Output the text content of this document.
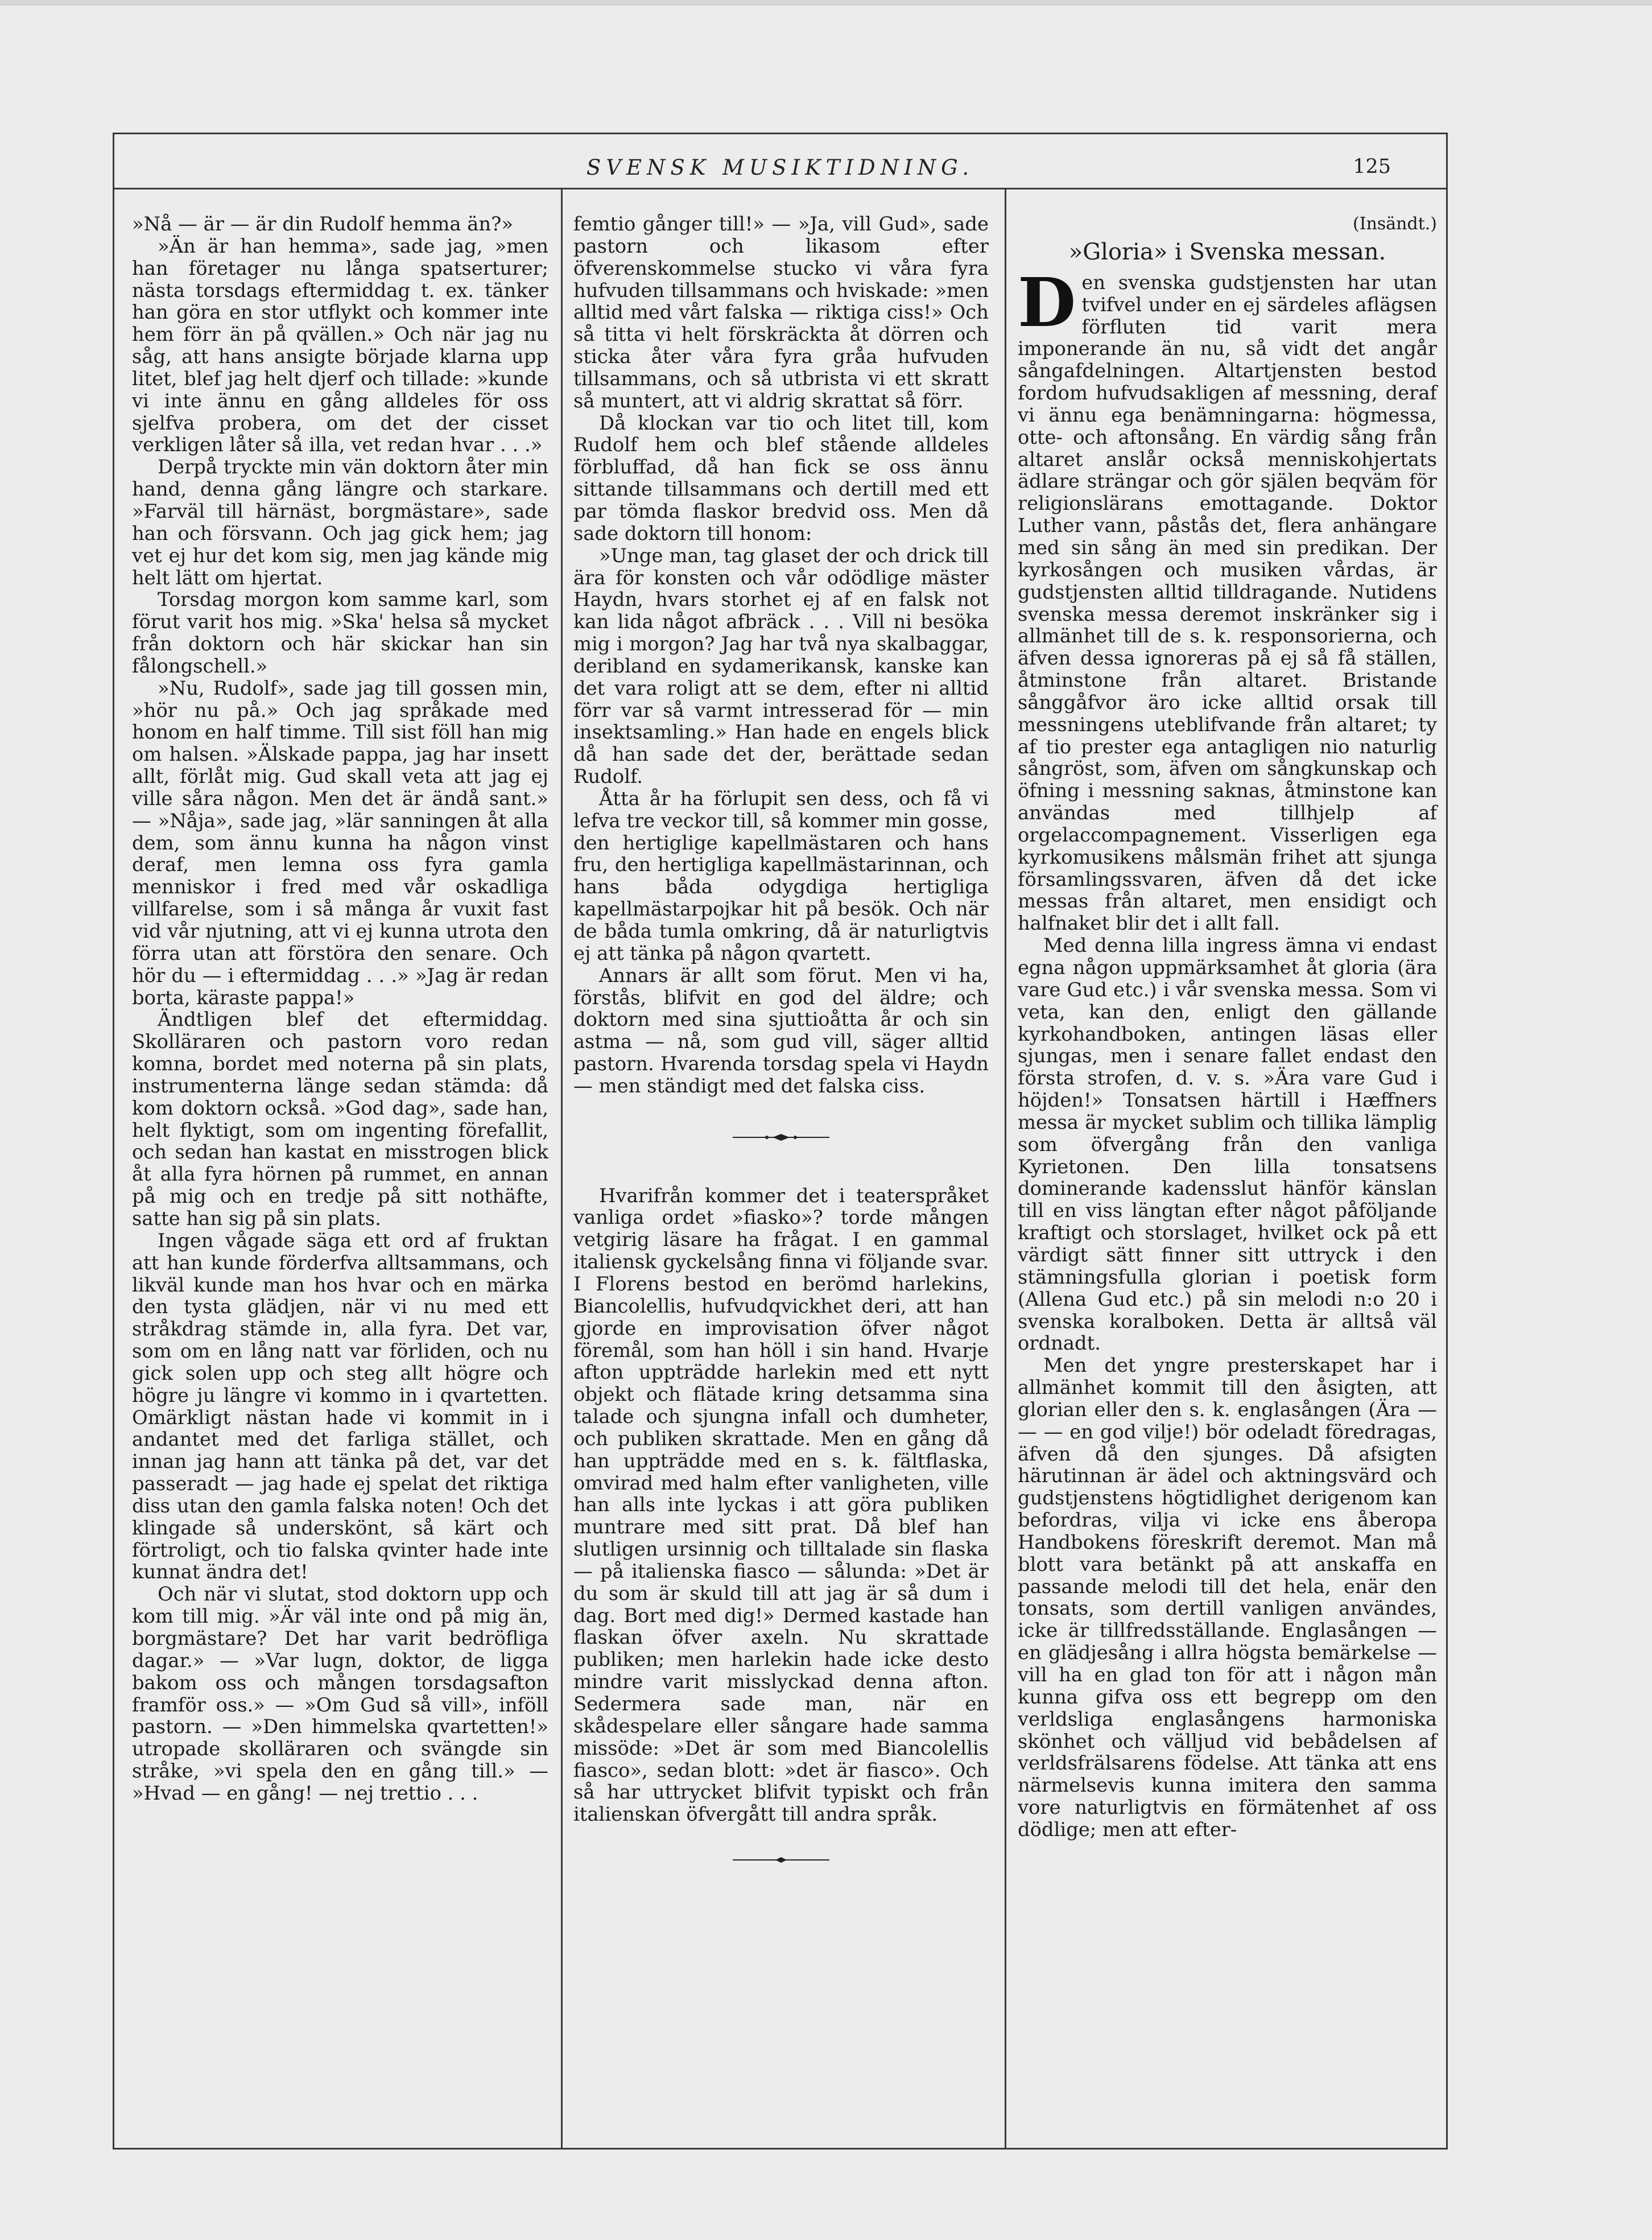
SVENSK MUSIKTIDNING.	125

»Nå — är — är din Rudolf hemma än?»

»Än är han hemma», sade jag, »men han företager nu långa spatserturer; nästa torsdags eftermiddag t. ex. tänker han göra en stor utflykt och kommer inte hem förr än på qvällen.» Och när jag nu såg, att hans ansigte började klarna upp litet, blef jag helt djerf och tillade: »kunde vi inte ännu en gång alldeles för oss sjelfva probera, om det der cisset verkligen låter så illa, vet redan hvar . . .»

Derpå tryckte min vän doktorn åter min hand, denna gång längre och starkare. »Farväl till härnäst, borgmästare», sade han och försvann. Och jag gick hem; jag vet ej hur det kom sig, men jag kände mig helt lätt om hjertat.

Torsdag morgon kom samme karl, som förut varit hos mig. »Ska' helsa så mycket från doktorn och här skickar han sin fålongschell.»

»Nu, Rudolf», sade jag till gossen min, »hör nu på.» Och jag språkade med honom en half timme. Till sist föll han mig om halsen. »Älskade pappa, jag har insett allt, förlåt mig. Gud skall veta att jag ej ville såra någon. Men det är ändå sant.» — »Nåja», sade jag, »lär sanningen åt alla dem, som ännu kunna ha någon vinst deraf, men lemna oss fyra gamla menniskor i fred med vår oskadliga villfarelse, som i så många år vuxit fast vid vår njutning, att vi ej kunna utrota den förra utan att förstöra den senare. Och hör du — i eftermiddag . . .» »Jag är redan borta, käraste pappa!»

Ändtligen blef det eftermiddag. Skolläraren och pastorn voro redan komna, bordet med noterna på sin plats, instrumenterna länge sedan stämda: då kom doktorn också. »God dag», sade han, helt flyktigt, som om ingenting förefallit, och sedan han kastat en misstrogen blick åt alla fyra hörnen på rummet, en annan på mig och en tredje på sitt nothäfte, satte han sig på sin plats.

Ingen vågade säga ett ord af fruktan att han kunde förderfva alltsammans, och likväl kunde man hos hvar och en märka den tysta glädjen, när vi nu med ett stråkdrag stämde in, alla fyra. Det var, som om en lång natt var förliden, och nu gick solen upp och steg allt högre och högre ju längre vi kommo in i qvartetten. Omärkligt nästan hade vi kommit in i andantet med det farliga stället, och innan jag hann att tänka på det, var det passeradt — jag hade ej spelat det riktiga diss utan den gamla falska noten! Och det klingade så underskönt, så kärt och förtroligt, och tio falska qvinter hade inte kunnat ändra det!

Och när vi slutat, stod doktorn upp och kom till mig. »Är väl inte ond på mig än, borgmästare? Det har varit bedröfliga dagar.» — »Var lugn, doktor, de ligga bakom oss och mången torsdagsafton framför oss.» — »Om Gud så vill», inföll pastorn. — »Den himmelska qvartetten!» utropade skolläraren och svängde sin stråke, »vi spela den en gång till.» — »Hvad — en gång! — nej trettio . . .

femtio gånger till!» — »Ja, vill Gud», sade pastorn och likasom efter öfverenskommelse stucko vi våra fyra hufvuden tillsammans och hviskade: »men alltid med vårt falska — riktiga ciss!» Och så titta vi helt förskräckta åt dörren och sticka åter våra fyra gråa hufvuden tillsammans, och så utbrista vi ett skratt så muntert, att vi aldrig skrattat så förr.

Då klockan var tio och litet till, kom Rudolf hem och blef stående alldeles förbluffad, då han fick se oss ännu sittande tillsammans och dertill med ett par tömda flaskor bredvid oss. Men då sade doktorn till honom:

»Unge man, tag glaset der och drick till ära för konsten och vår odödlige mäster Haydn, hvars storhet ej af en falsk not kan lida något afbräck . . . Vill ni besöka mig i morgon? Jag har två nya skalbaggar, deribland en sydamerikansk, kanske kan det vara roligt att se dem, efter ni alltid förr var så varmt intresserad för — min insektsamling.» Han hade en engels blick då han sade det der, berättade sedan Rudolf.

Åtta år ha förlupit sen dess, och få vi lefva tre veckor till, så kommer min gosse, den hertiglige kapellmästaren och hans fru, den hertigliga kapellmästarinnan, och hans båda odygdiga hertigliga kapellmästarpojkar hit på besök. Och när de båda tumla omkring, då är naturligtvis ej att tänka på någon qvartett.

Annars är allt som förut. Men vi ha, förstås, blifvit en god del äldre; och doktorn med sina sjuttioåtta år och sin astma — nå, som gud vill, säger alltid pastorn. Hvarenda torsdag spela vi Haydn — men ständigt med det falska ciss.

Hvarifrån kommer det i teaterspråket vanliga ordet »fiasko»? torde mången vetgirig läsare ha frågat. I en gammal italiensk gyckelsång finna vi följande svar. I Florens bestod en berömd harlekins, Biancolellis, hufvudqvickhet deri, att han gjorde en improvisation öfver något föremål, som han höll i sin hand. Hvarje afton uppträdde harlekin med ett nytt objekt och flätade kring detsamma sina talade och sjungna infall och dumheter, och publiken skrattade. Men en gång då han uppträdde med en s. k. fältflaska, omvirad med halm efter vanligheten, ville han alls inte lyckas i att göra publiken muntrare med sitt prat. Då blef han slutligen ursinnig och tilltalade sin flaska — på italienska fiasco — sålunda: »Det är du som är skuld till att jag är så dum i dag. Bort med dig!» Dermed kastade han flaskan öfver axeln. Nu skrattade publiken; men harlekin hade icke desto mindre varit misslyckad denna afton. Sedermera sade man, när en skådespelare eller sångare hade samma missöde: »Det är som med Biancolellis fiasco», sedan blott: »det är fiasco». Och så har uttrycket blifvit typiskt och från italienskan öfvergått till andra språk.

(Insändt.)

»Gloria» i Svenska messan.

Den svenska gudstjensten har utan tvifvel under en ej särdeles aflägsen förfluten tid varit mera imponerande än nu, så vidt det angår sångafdelningen. Altartjensten bestod fordom hufvudsakligen af messning, deraf vi ännu ega benämningarna: högmessa, otte- och aftonsång. En värdig sång från altaret anslår också menniskohjertats ädlare strängar och gör själen beqväm för religionslärans emottagande. Doktor Luther vann, påstås det, flera anhängare med sin sång än med sin predikan. Der kyrkosången och musiken vårdas, är gudstjensten alltid tilldragande. Nutidens svenska messa deremot inskränker sig i allmänhet till de s. k. responsorierna, och äfven dessa ignoreras på ej så få ställen, åtminstone från altaret. Bristande sånggåfvor äro icke alltid orsak till messningens uteblifvande från altaret; ty af tio prester ega antagligen nio naturlig sångröst, som, äfven om sångkunskap och öfning i messning saknas, åtminstone kan användas med tillhjelp af orgelaccompagnement. Visserligen ega kyrkomusikens målsmän frihet att sjunga församlingssvaren, äfven då det icke messas från altaret, men ensidigt och halfnaket blir det i allt fall.

Med denna lilla ingress ämna vi endast egna någon uppmärksamhet åt gloria (ära vare Gud etc.) i vår svenska messa. Som vi veta, kan den, enligt den gällande kyrkohandboken, antingen läsas eller sjungas, men i senare fallet endast den första strofen, d. v. s. »Ära vare Gud i höjden!» Tonsatsen härtill i Hæffners messa är mycket sublim och tillika lämplig som öfvergång från den vanliga Kyrietonen. Den lilla tonsatsens dominerande kadensslut hänför känslan till en viss längtan efter något påföljande kraftigt och storslaget, hvilket ock på ett värdigt sätt finner sitt uttryck i den stämningsfulla glorian i poetisk form (Allena Gud etc.) på sin melodi n:o 20 i svenska koralboken. Detta är alltså väl ordnadt.

Men det yngre presterskapet har i allmänhet kommit till den åsigten, att glorian eller den s. k. englasången (Ära — — — en god vilje!) bör odeladt föredragas, äfven då den sjunges. Då afsigten härutinnan är ädel och aktningsvärd och gudstjenstens högtidlighet derigenom kan befordras, vilja vi icke ens åberopa Handbokens föreskrift deremot. Man må blott vara betänkt på att anskaffa en passande melodi till det hela, enär den tonsats, som dertill vanligen användes, icke är tillfredsställande. Englasången — en glädjesång i allra högsta bemärkelse — vill ha en glad ton för att i någon mån kunna gifva oss ett begrepp om den verldsliga englasångens harmoniska skönhet och välljud vid bebådelsen af verldsfrälsarens födelse. Att tänka att ens närmelsevis kunna imitera den samma vore naturligtvis en förmätenhet af oss dödlige; men att efter-
